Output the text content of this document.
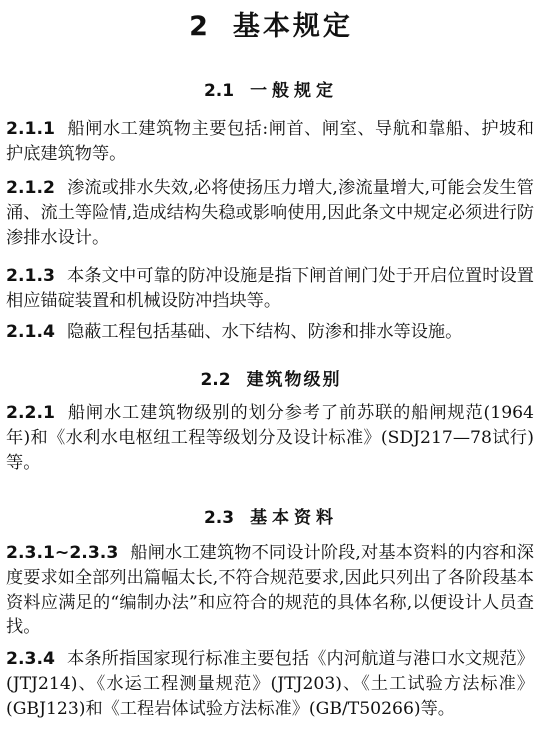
2 基本规定
2.1 一般规定
2.1.1 船闸水工建筑物主要包括:闸首、闸室、导航和靠船、护坡和护底建筑物等。
2.1.2 渗流或排水失效,必将使扬压力增大,渗流量增大,可能会发生管涌、流土等险情,造成结构失稳或影响使用,因此条文中规定必须进行防渗排水设计。
2.1.3 本条文中可靠的防冲设施是指下闸首闸门处于开启位置时设置相应锚碇装置和机械设防冲挡块等。
2.1.4 隐蔽工程包括基础、水下结构、防渗和排水等设施。
2.2 建筑物级别
2.2.1 船闸水工建筑物级别的划分参考了前苏联的船闸规范(1964年)和《水利水电枢纽工程等级划分及设计标准》(SDJ217—78试行)等。
2.3 基本资料
2.3.1~2.3.3 船闸水工建筑物不同设计阶段,对基本资料的内容和深度要求如全部列出篇幅太长,不符合规范要求,因此只列出了各阶段基本资料应满足的“编制办法”和应符合的规范的具体名称,以便设计人员查找。
2.3.4 本条所指国家现行标准主要包括《内河航道与港口水文规范》(JTJ214)、《水运工程测量规范》(JTJ203)、《土工试验方法标准》(GBJ123)和《工程岩体试验方法标准》(GB/T50266)等。
